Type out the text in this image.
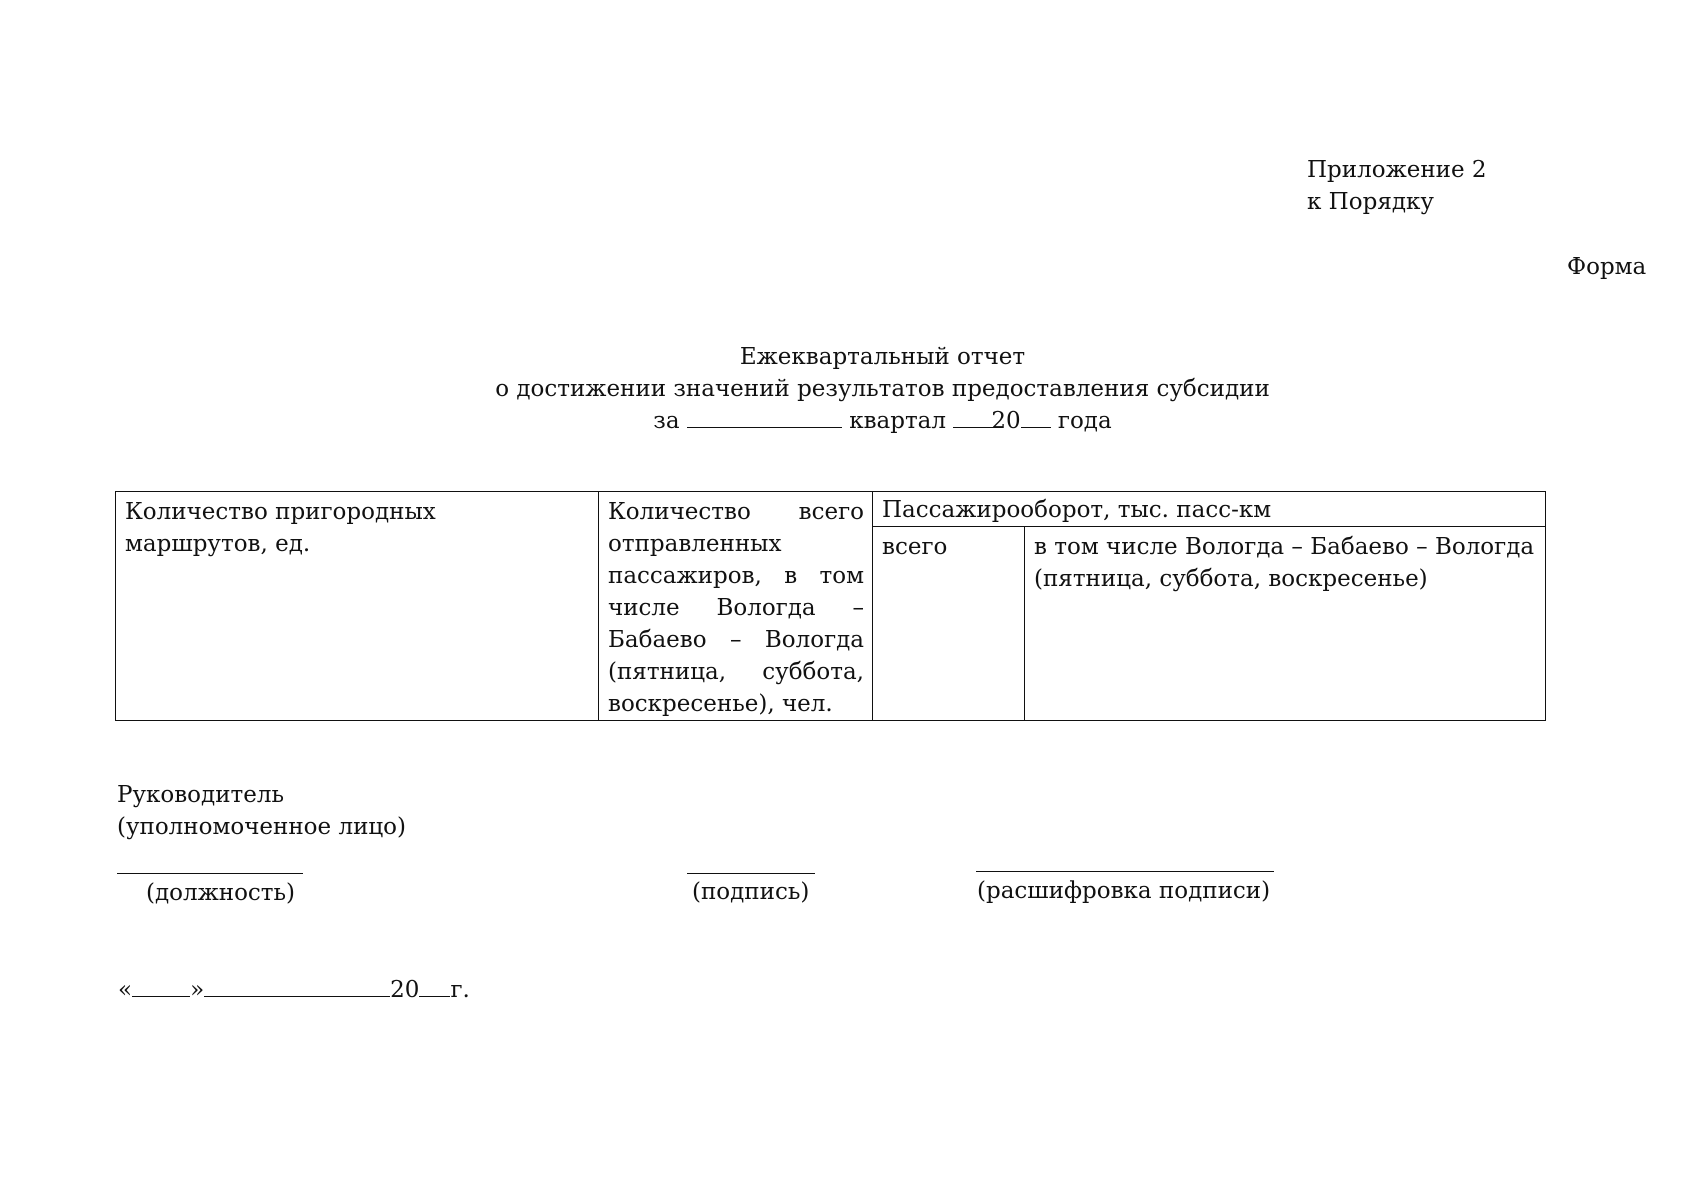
Приложение 2
к Порядку
Форма
Ежеквартальный отчет
о достижении значений результатов предоставления субсидии
за	квартал 20 года
Количество пригородных маршрутов, ед.	Количество всего отправленных пассажиров, в том числе Вологда – Бабаево – Вологда (пятница, суббота, воскресенье), чел.	Пассажирооборот, тыс. пасс-км	
		всего	в том числе Вологда – Бабаево – Вологда (пятница, суббота, воскресенье)
Руководитель
(уполномоченное лицо)
(должность)	(подпись)	(расшифровка подписи)
«	»	20 г.
